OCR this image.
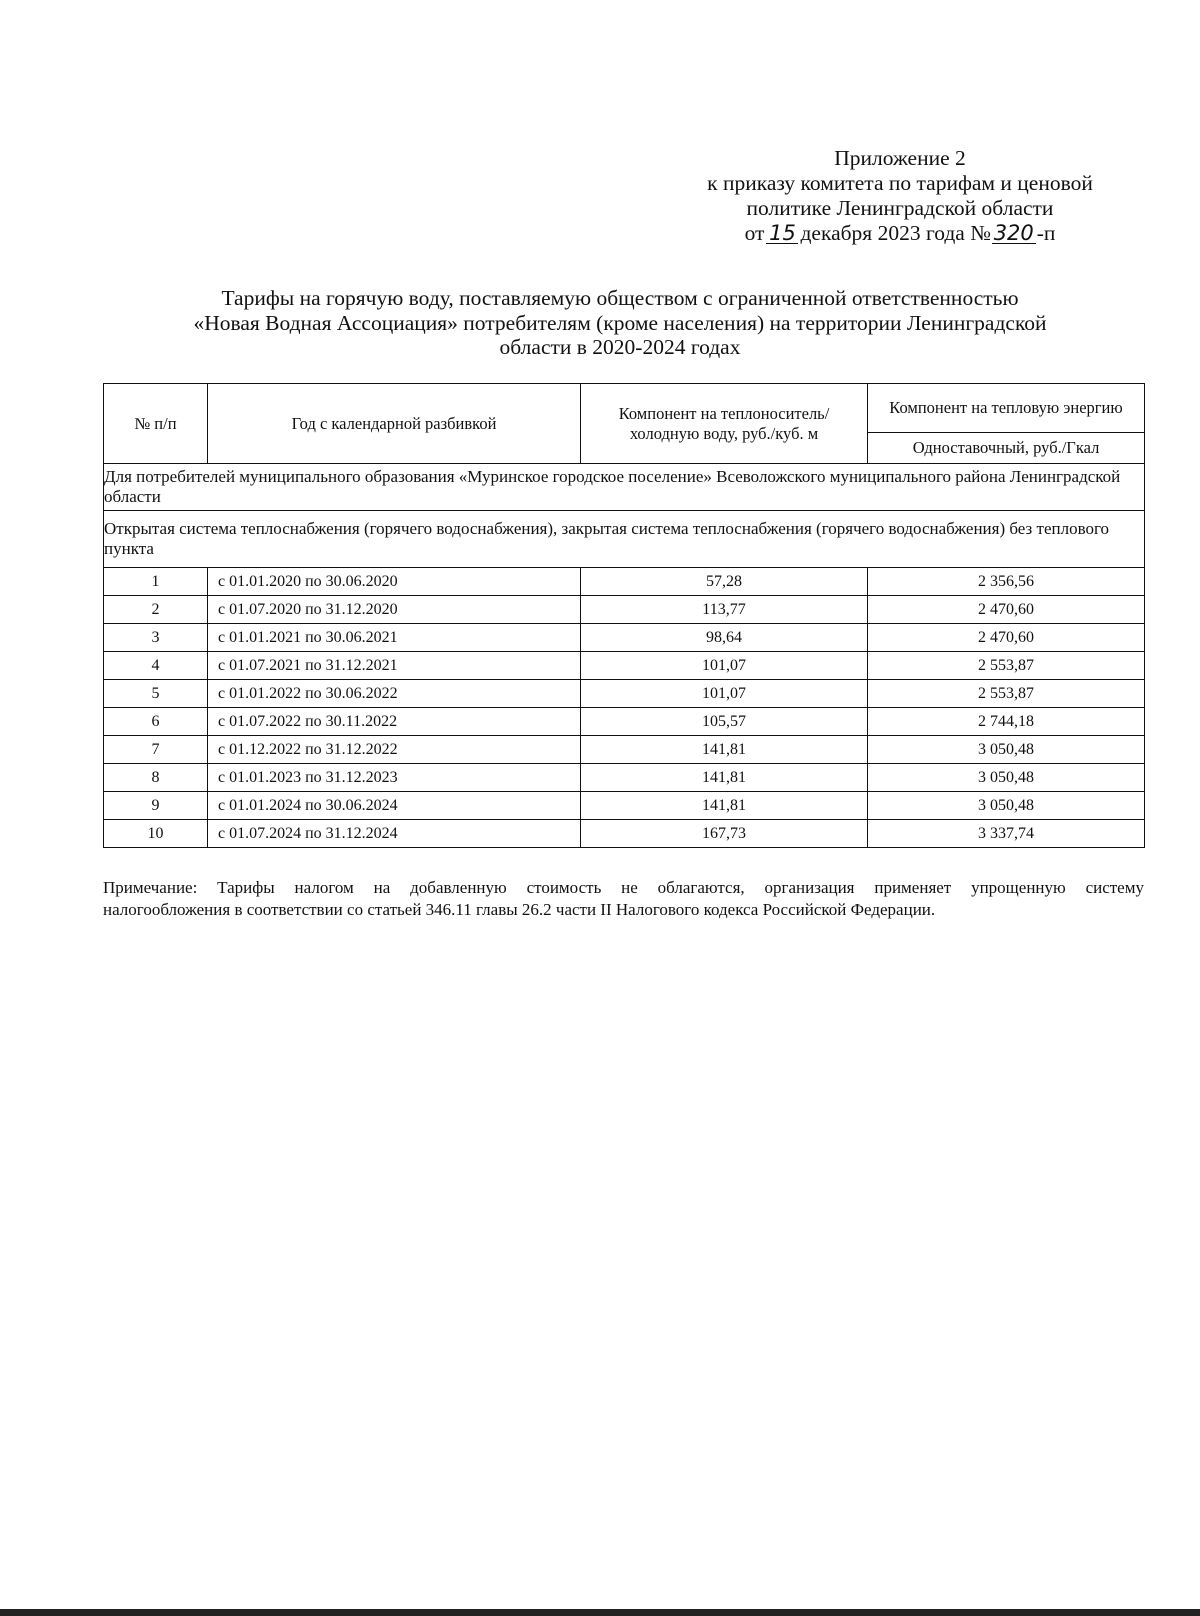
Приложение 2
к приказу комитета по тарифам и ценовой
политике Ленинградской области
от 15 декабря 2023 года № 320 -п
Тарифы на горячую воду, поставляемую обществом с ограниченной ответственностью
«Новая Водная Ассоциация» потребителям (кроме населения) на территории Ленинградской
области в 2020-2024 годах
№ п/п	Год с календарной разбивкой	Компонент на теплоноситель/ холодную воду, руб./куб. м	Компонент на тепловую энергию
			Одноставочный, руб./Гкал
Для потребителей муниципального образования «Муринское городское поселение» Всеволожского муниципального района Ленинградской области			
Открытая система теплоснабжения (горячего водоснабжения), закрытая система теплоснабжения (горячего водоснабжения) без теплового пункта			
1	с 01.01.2020 по 30.06.2020	57,28	2 356,56
2	с 01.07.2020 по 31.12.2020	113,77	2 470,60
3	с 01.01.2021 по 30.06.2021	98,64	2 470,60
4	с 01.07.2021 по 31.12.2021	101,07	2 553,87
5	с 01.01.2022 по 30.06.2022	101,07	2 553,87
6	с 01.07.2022 по 30.11.2022	105,57	2 744,18
7	с 01.12.2022 по 31.12.2022	141,81	3 050,48
8	с 01.01.2023 по 31.12.2023	141,81	3 050,48
9	с 01.01.2024 по 30.06.2024	141,81	3 050,48
10	с 01.07.2024 по 31.12.2024	167,73	3 337,74
Примечание: Тарифы налогом на добавленную стоимость не облагаются, организация применяет упрощенную систему
налогообложения в соответствии со статьей 346.11 главы 26.2 части II Налогового кодекса Российской Федерации.
